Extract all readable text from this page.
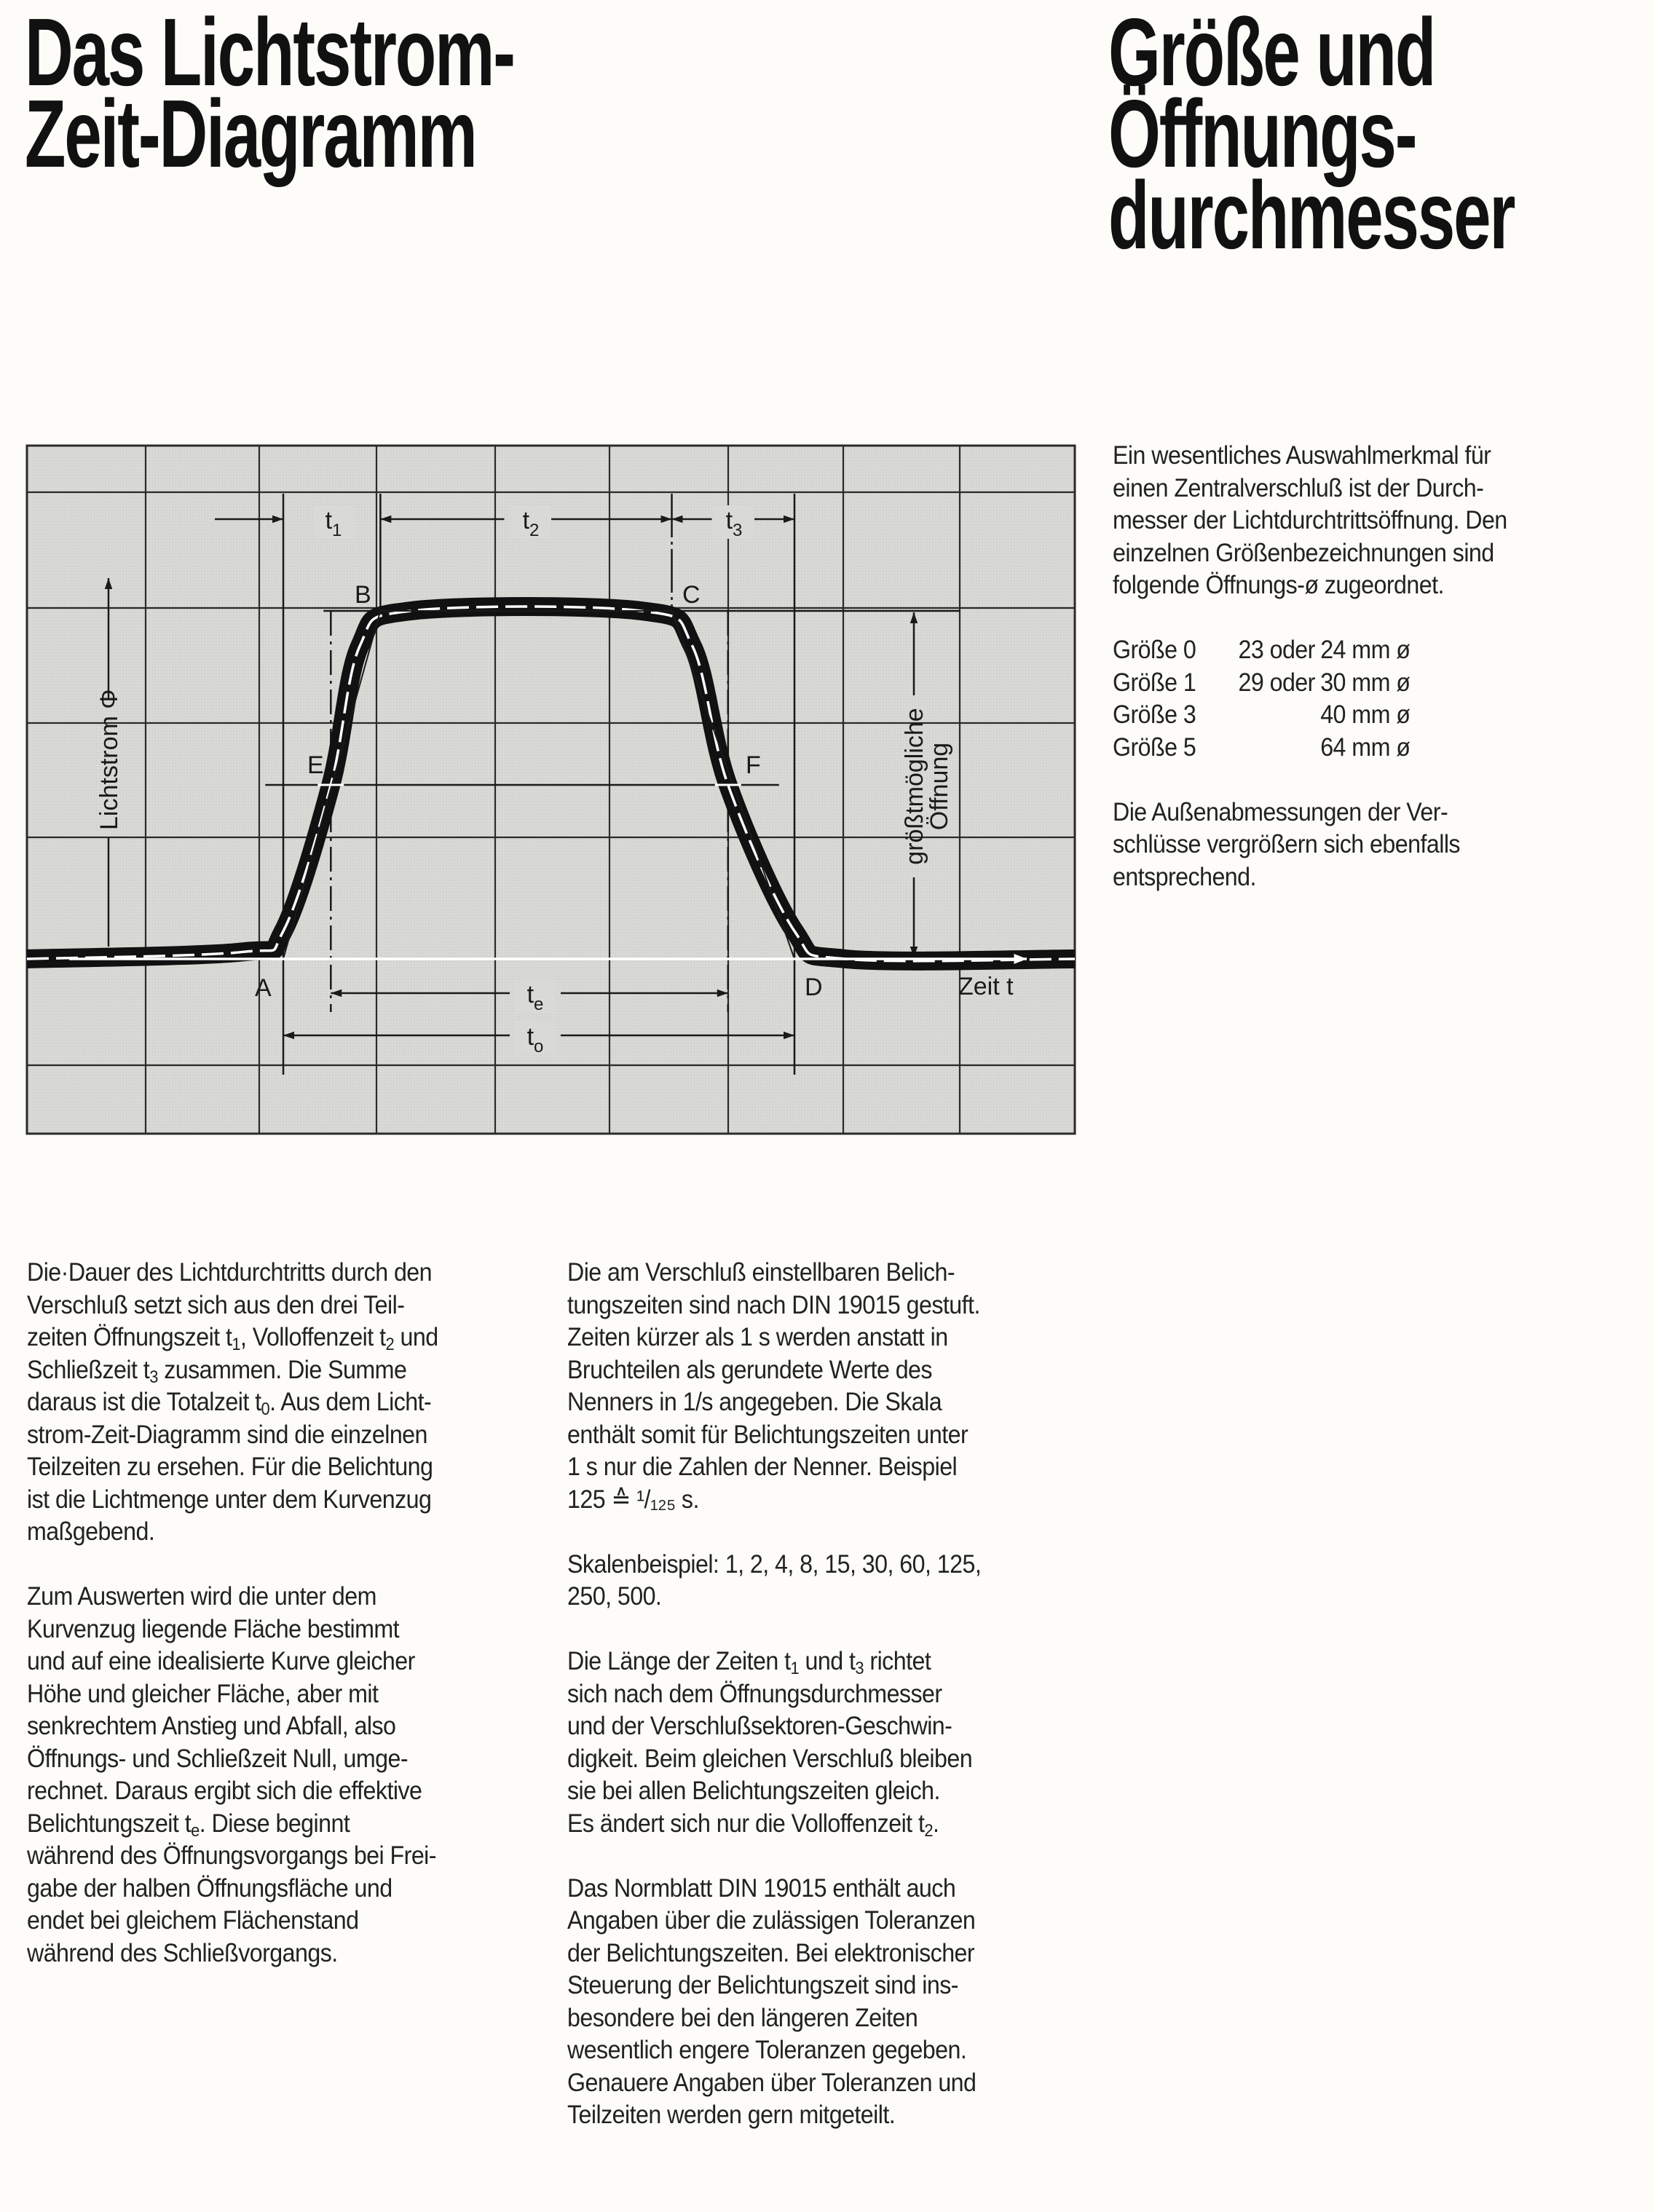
Das Lichtstrom-
Zeit-Diagramm
Größe und
Öffnungs-
durchmesser
Ein wesentliches Auswahlmerkmal für
einen Zentralverschluß ist der Durch-
messer der Lichtdurchtrittsöffnung. Den
einzelnen Größenbezeichnungen sind
folgende Öffnungs-ø zugeordnet.
Größe 0	23 oder 24 mm ø
Größe 1	29 oder 30 mm ø
Größe 3	40 mm ø
Größe 5	64 mm ø
Die Außenabmessungen der Ver-
schlüsse vergrößern sich ebenfalls
entsprechend.
Die·Dauer des Lichtdurchtritts durch den
Verschluß setzt sich aus den drei Teil-
zeiten Öffnungszeit $t_1$, Volloffenzeit $t_2$ und
Schließzeit $t_3$ zusammen. Die Summe
daraus ist die Totalzeit $t_0$. Aus dem Licht-
strom-Zeit-Diagramm sind die einzelnen
Teilzeiten zu ersehen. Für die Belichtung
ist die Lichtmenge unter dem Kurvenzug
maßgebend.
Zum Auswerten wird die unter dem
Kurvenzug liegende Fläche bestimmt
und auf eine idealisierte Kurve gleicher
Höhe und gleicher Fläche, aber mit
senkrechtem Anstieg und Abfall, also
Öffnungs- und Schließzeit Null, umge-
rechnet. Daraus ergibt sich die effektive
Belichtungszeit $t_e$. Diese beginnt
während des Öffnungsvorgangs bei Frei-
gabe der halben Öffnungsfläche und
endet bei gleichem Flächenstand
während des Schließvorgangs.
Die am Verschluß einstellbaren Belich-
tungszeiten sind nach DIN 19015 gestuft.
Zeiten kürzer als 1 s werden anstatt in
Bruchteilen als gerundete Werte des
Nenners in 1/s angegeben. Die Skala
enthält somit für Belichtungszeiten unter
1 s nur die Zahlen der Nenner. Beispiel
125 ≙ ¹/₁₂₅ s.
Skalenbeispiel: 1, 2, 4, 8, 15, 30, 60, 125,
250, 500.
Die Länge der Zeiten $t_1$ und $t_3$ richtet
sich nach dem Öffnungsdurchmesser
und der Verschlußsektoren-Geschwin-
digkeit. Beim gleichen Verschluß bleiben
sie bei allen Belichtungszeiten gleich.
Es ändert sich nur die Volloffenzeit $t_2$.
Das Normblatt DIN 19015 enthält auch
Angaben über die zulässigen Toleranzen
der Belichtungszeiten. Bei elektronischer
Steuerung der Belichtungszeit sind ins-
besondere bei den längeren Zeiten
wesentlich engere Toleranzen gegeben.
Genauere Angaben über Toleranzen und
Teilzeiten werden gern mitgeteilt.
A
B	C
D
E	F
Zeit t
$t_1$	$t_2$	$t_3$
$t_e$
$t_o$
Lichtstrom Φ	größtmögliche
Öffnung
